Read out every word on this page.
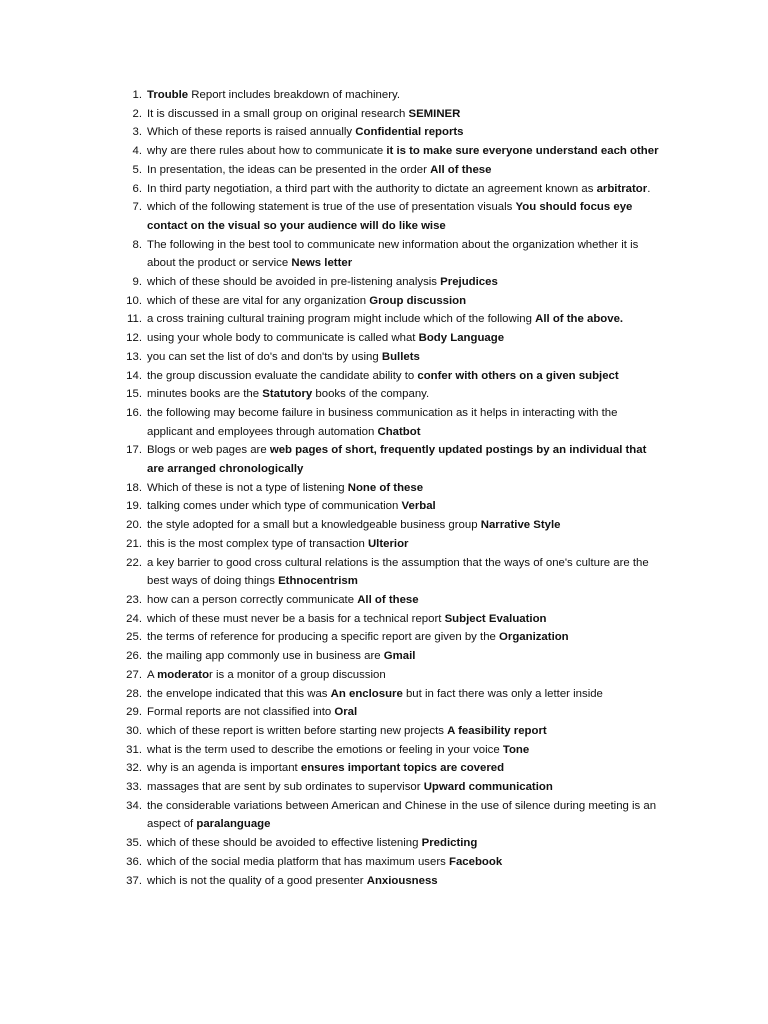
1. Trouble Report includes breakdown of machinery.
2. It is discussed in a small group on original research SEMINER
3. Which of these reports is raised annually Confidential reports
4. why are there rules about how to communicate it is to make sure everyone understand each other
5. In presentation, the ideas can be presented in the order All of these
6. In third party negotiation, a third part with the authority to dictate an agreement known as arbitrator.
7. which of the following statement is true of the use of presentation visuals You should focus eye contact on the visual so your audience will do like wise
8. The following in the best tool to communicate new information about the organization whether it is about the product or service News letter
9. which of these should be avoided in pre-listening analysis Prejudices
10. which of these are vital for any organization Group discussion
11. a cross training cultural training program might include which of the following All of the above.
12. using your whole body to communicate is called what Body Language
13. you can set the list of do's and don'ts by using Bullets
14. the group discussion evaluate the candidate ability to confer with others on a given subject
15. minutes books are the Statutory books of the company.
16. the following may become failure in business communication as it helps in interacting with the applicant and employees through automation Chatbot
17. Blogs or web pages are web pages of short, frequently updated postings by an individual that are arranged chronologically
18. Which of these is not a type of listening None of these
19. talking comes under which type of communication Verbal
20. the style adopted for a small but a knowledgeable business group Narrative Style
21. this is the most complex type of transaction Ulterior
22. a key barrier to good cross cultural relations is the assumption that the ways of one's culture are the best ways of doing things Ethnocentrism
23. how can a person correctly communicate All of these
24. which of these must never be a basis for a technical report Subject Evaluation
25. the terms of reference for producing a specific report are given by the Organization
26. the mailing app commonly use in business are Gmail
27. A moderator is a monitor of a group discussion
28. the envelope indicated that this was An enclosure but in fact there was only a letter inside
29. Formal reports are not classified into Oral
30. which of these report is written before starting new projects A feasibility report
31. what is the term used to describe the emotions or feeling in your voice Tone
32. why is an agenda is important ensures important topics are covered
33. massages that are sent by sub ordinates to supervisor Upward communication
34. the considerable variations between American and Chinese in the use of silence during meeting is an aspect of paralanguage
35. which of these should be avoided to effective listening Predicting
36. which of the social media platform that has maximum users Facebook
37. which is not the quality of a good presenter Anxiousness
